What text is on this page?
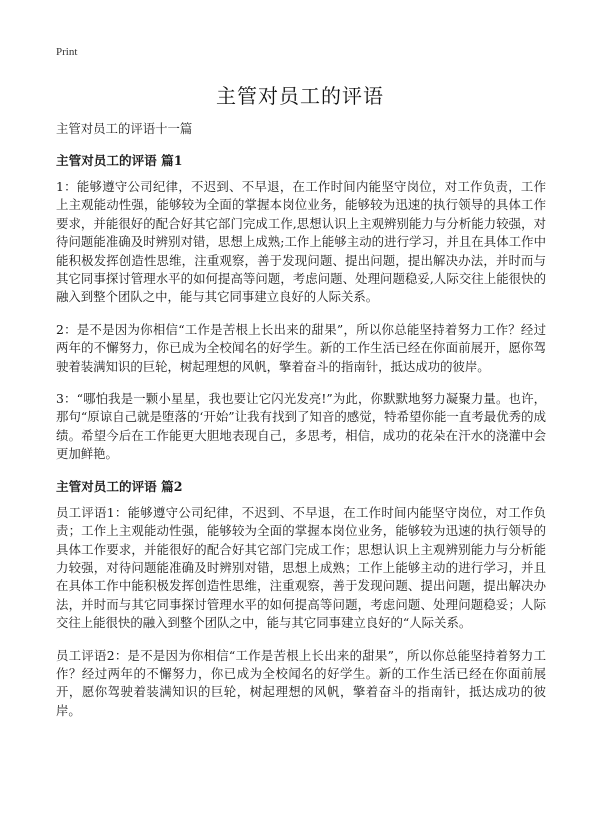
Print
主管对员工的评语

主管对员工的评语十一篇

主管对员工的评语 篇1

1：能够遵守公司纪律，不迟到、不早退，在工作时间内能坚守岗位，对工作负责，工作上主观能动性强，能够较为全面的掌握本岗位业务，能够较为迅速的执行领导的具体工作要求，并能很好的配合好其它部门完成工作,思想认识上主观辨别能力与分析能力较强，对待问题能准确及时辨别对错，思想上成熟;工作上能够主动的进行学习，并且在具体工作中能积极发挥创造性思维，注重观察，善于发现问题、提出问题，提出解决办法，并时而与其它同事探讨管理水平的如何提高等问题，考虑问题、处理问题稳妥,人际交往上能很快的融入到整个团队之中，能与其它同事建立良好的人际关系。

2：是不是因为你相信“工作是苦根上长出来的甜果”，所以你总能坚持着努力工作？经过两年的不懈努力，你已成为全校闻名的好学生。新的工作生活已经在你面前展开，愿你驾驶着装满知识的巨轮，树起理想的风帆，擎着奋斗的指南针，抵达成功的彼岸。

3：“哪怕我是一颗小星星，我也要让它闪光发亮!”为此，你默默地努力凝聚力量。也许，那句“原谅自己就是堕落的‘开始”让我有找到了知音的感觉，特希望你能一直考最优秀的成绩。希望今后在工作能更大胆地表现自己，多思考，相信，成功的花朵在汗水的浇灌中会更加鲜艳。

主管对员工的评语 篇2

员工评语1：能够遵守公司纪律，不迟到、不早退，在工作时间内能坚守岗位，对工作负责；工作上主观能动性强，能够较为全面的掌握本岗位业务，能够较为迅速的执行领导的具体工作要求，并能很好的配合好其它部门完成工作；思想认识上主观辨别能力与分析能力较强，对待问题能准确及时辨别对错，思想上成熟；工作上能够主动的进行学习，并且在具体工作中能积极发挥创造性思维，注重观察，善于发现问题、提出问题，提出解决办法，并时而与其它同事探讨管理水平的如何提高等问题，考虑问题、处理问题稳妥；人际交往上能很快的融入到整个团队之中，能与其它同事建立良好的“人际关系。

员工评语2：是不是因为你相信“工作是苦根上长出来的甜果”，所以你总能坚持着努力工作？经过两年的不懈努力，你已成为全校闻名的好学生。新的工作生活已经在你面前展开，愿你驾驶着装满知识的巨轮，树起理想的风帆，擎着奋斗的指南针，抵达成功的彼岸。
